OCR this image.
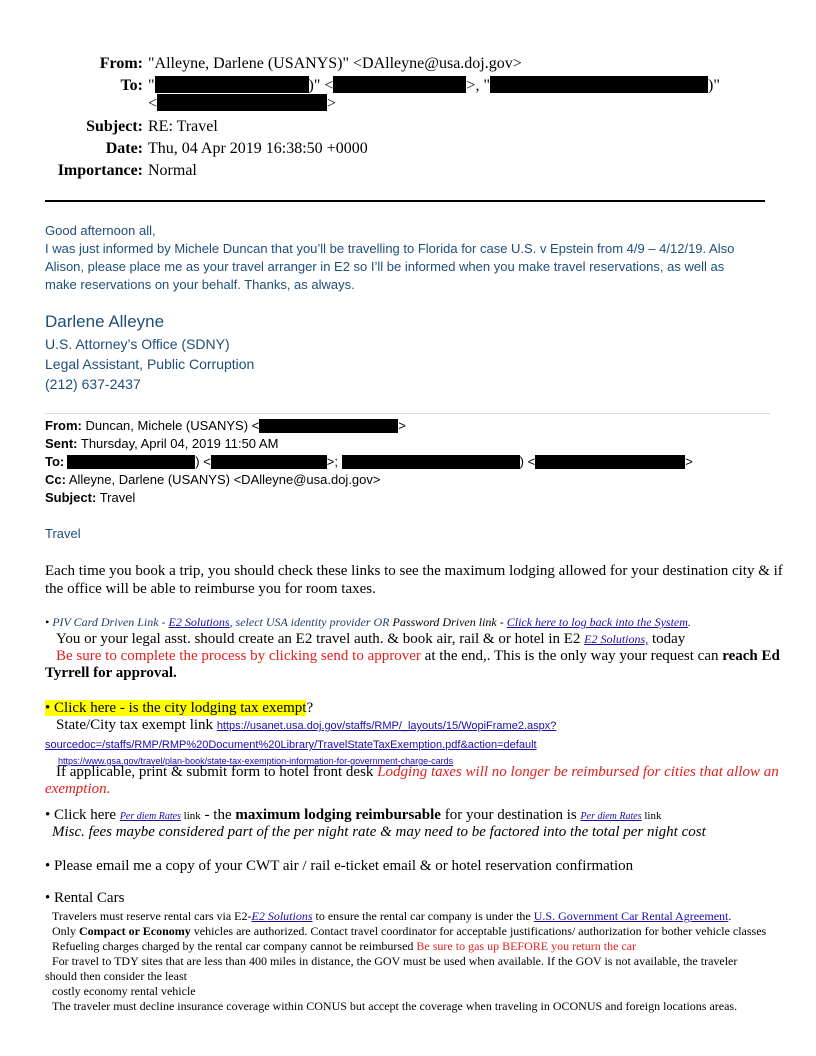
From: "Alleyne, Darlene (USANYS)" <DAlleyne@usa.doj.gov>
To: "	)" <	>, "	)"
<	>
Subject: RE: Travel
Date: Thu, 04 Apr 2019 16:38:50 +0000
Importance: Normal
Good afternoon all,
I was just informed by Michele Duncan that you’ll be travelling to Florida for case U.S. v Epstein from 4/9 – 4/12/19. Also
Alison, please place me as your travel arranger in E2 so I’ll be informed when you make travel reservations, as well as
make reservations on your behalf. Thanks, as always.
Darlene Alleyne
U.S. Attorney’s Office (SDNY)
Legal Assistant, Public Corruption
(212) 637-2437
From: Duncan, Michele (USANYS) <	>
Sent: Thursday, April 04, 2019 11:50 AM
To:	) <	>;	) <	>
Cc: Alleyne, Darlene (USANYS) <DAlleyne@usa.doj.gov>
Subject: Travel
Travel
Each time you book a trip, you should check these links to see the maximum lodging allowed for your destination city & if
the office will be able to reimburse you for room taxes.
• PIV Card Driven Link - E2 Solutions, select USA identity provider OR Password Driven link - Click here to log back into the System.
You or your legal asst. should create an E2 travel auth. & book air, rail & or hotel in E2 E2 Solutions, today
Be sure to complete the process by clicking send to approver at the end,. This is the only way your request can reach Ed
Tyrrell for approval.
• Click here - is the city lodging tax exempt?
State/City tax exempt link https://usanet.usa.doj.gov/staffs/RMP/_layouts/15/WopiFrame2.aspx?
sourcedoc=/staffs/RMP/RMP%20Document%20Library/TravelStateTaxExemption.pdf&action=default
https://www.gsa.gov/travel/plan-book/state-tax-exemption-information-for-government-charge-cards
If applicable, print & submit form to hotel front desk Lodging taxes will no longer be reimbursed for cities that allow an
exemption.
• Click here Per diem Rates link - the maximum lodging reimbursable for your destination is Per diem Rates link
Misc. fees maybe considered part of the per night rate & may need to be factored into the total per night cost
• Please email me a copy of your CWT air / rail e-ticket email & or hotel reservation confirmation
• Rental Cars
Travelers must reserve rental cars via E2-E2 Solutions to ensure the rental car company is under the U.S. Government Car Rental Agreement.
Only Compact or Economy vehicles are authorized. Contact travel coordinator for acceptable justifications/ authorization for bother vehicle classes
Refueling charges charged by the rental car company cannot be reimbursed Be sure to gas up BEFORE you return the car
For travel to TDY sites that are less than 400 miles in distance, the GOV must be used when available. If the GOV is not available, the traveler
should then consider the least
costly economy rental vehicle
The traveler must decline insurance coverage within CONUS but accept the coverage when traveling in OCONUS and foreign locations areas.
